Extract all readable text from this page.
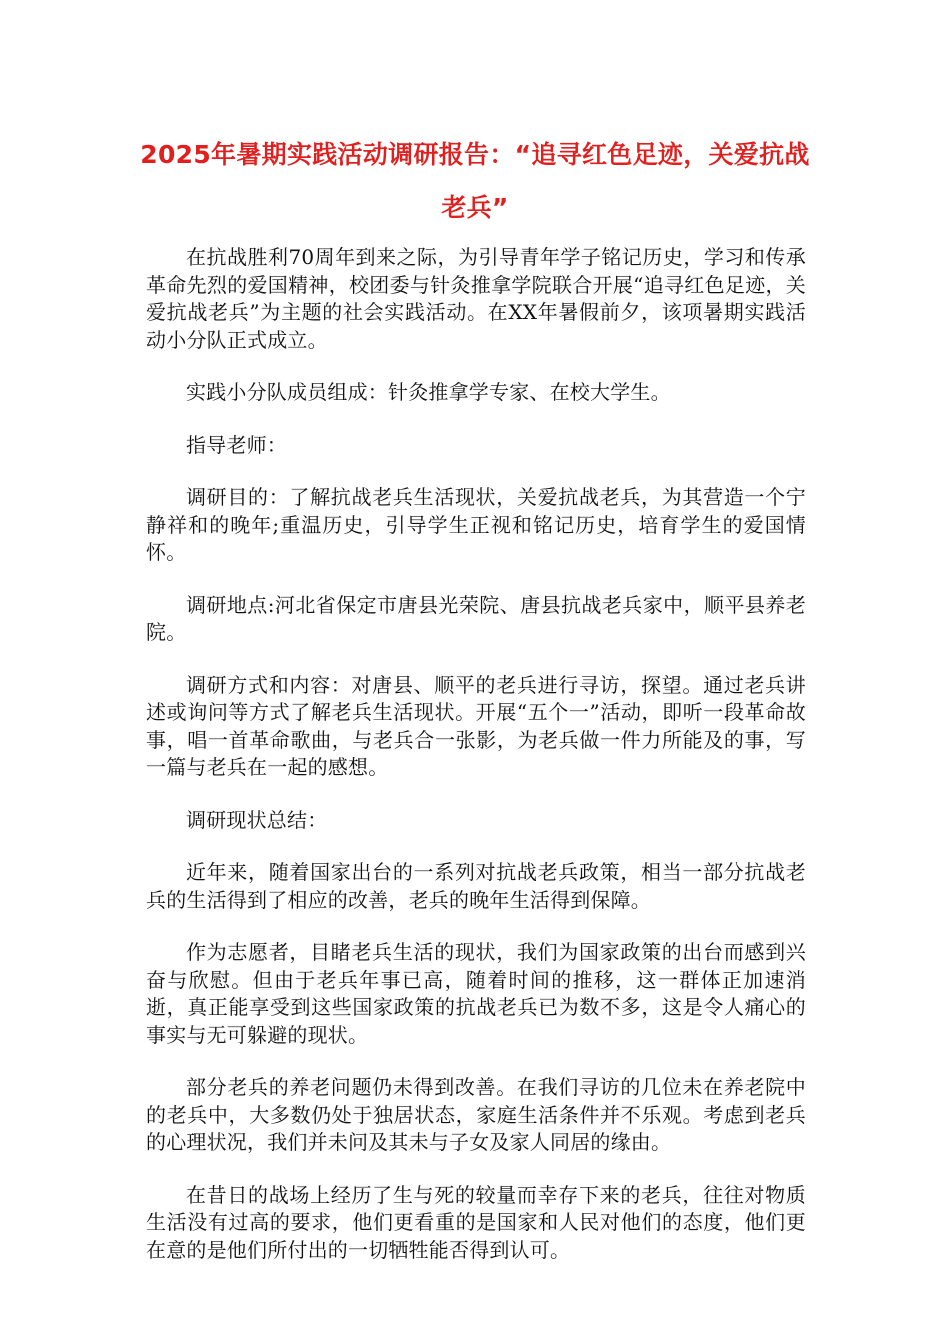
2025年暑期实践活动调研报告：“追寻红色足迹，关爱抗战老兵”

在抗战胜利70周年到来之际，为引导青年学子铭记历史，学习和传承革命先烈的爱国精神，校团委与针灸推拿学院联合开展“追寻红色足迹，关爱抗战老兵”为主题的社会实践活动。在XX年暑假前夕，该项暑期实践活动小分队正式成立。

实践小分队成员组成：针灸推拿学专家、在校大学生。

指导老师：

调研目的：了解抗战老兵生活现状，关爱抗战老兵，为其营造一个宁静祥和的晚年;重温历史，引导学生正视和铭记历史，培育学生的爱国情怀。

调研地点:河北省保定市唐县光荣院、唐县抗战老兵家中，顺平县养老院。

调研方式和内容：对唐县、顺平的老兵进行寻访，探望。通过老兵讲述或询问等方式了解老兵生活现状。开展“五个一”活动，即听一段革命故事，唱一首革命歌曲，与老兵合一张影，为老兵做一件力所能及的事，写一篇与老兵在一起的感想。

调研现状总结：

近年来，随着国家出台的一系列对抗战老兵政策，相当一部分抗战老兵的生活得到了相应的改善，老兵的晚年生活得到保障。

作为志愿者，目睹老兵生活的现状，我们为国家政策的出台而感到兴奋与欣慰。但由于老兵年事已高，随着时间的推移，这一群体正加速消逝，真正能享受到这些国家政策的抗战老兵已为数不多，这是令人痛心的事实与无可躲避的现状。

部分老兵的养老问题仍未得到改善。在我们寻访的几位未在养老院中的老兵中，大多数仍处于独居状态，家庭生活条件并不乐观。考虑到老兵的心理状况，我们并未问及其未与子女及家人同居的缘由。

在昔日的战场上经历了生与死的较量而幸存下来的老兵，往往对物质生活没有过高的要求，他们更看重的是国家和人民对他们的态度，他们更在意的是他们所付出的一切牺牲能否得到认可。
